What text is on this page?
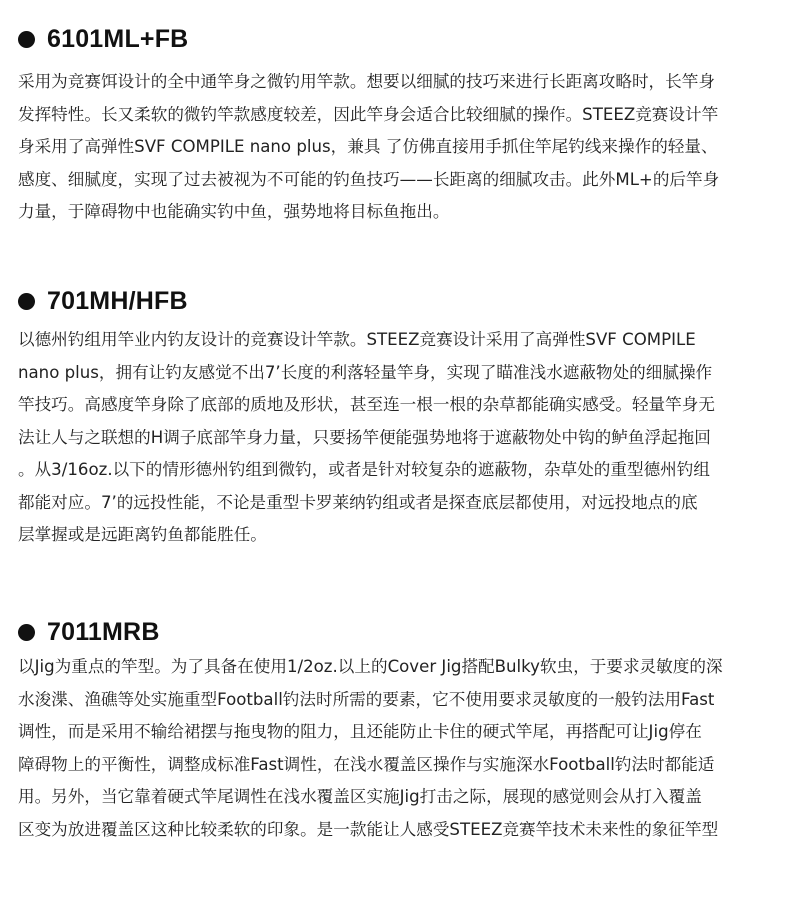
6101ML+FB
采用为竞赛饵设计的全中通竿身之微钓用竿款。想要以细腻的技巧来进行长距离攻略时，长竿身
发挥特性。长又柔软的微钓竿款感度较差，因此竿身会适合比较细腻的操作。STEEZ竞赛设计竿
身采用了高弹性SVF COMPILE nano plus，兼具 了仿佛直接用手抓住竿尾钓线来操作的轻量、
感度、细腻度，实现了过去被视为不可能的钓鱼技巧——长距离的细腻攻击。此外ML+的后竿身
力量，于障碍物中也能确实钓中鱼，强势地将目标鱼拖出。
701MH/HFB
以德州钓组用竿业内钓友设计的竞赛设计竿款。STEEZ竞赛设计采用了高弹性SVF COMPILE
nano plus，拥有让钓友感觉不出7’长度的利落轻量竿身，实现了瞄准浅水遮蔽物处的细腻操作
竿技巧。高感度竿身除了底部的质地及形状，甚至连一根一根的杂草都能确实感受。轻量竿身无
法让人与之联想的H调子底部竿身力量，只要扬竿便能强势地将于遮蔽物处中钩的鲈鱼浮起拖回
。从3/16oz.以下的情形德州钓组到微钓，或者是针对较复杂的遮蔽物，杂草处的重型德州钓组
都能对应。7’的远投性能，不论是重型卡罗莱纳钓组或者是探查底层都使用，对远投地点的底
层掌握或是远距离钓鱼都能胜任。
7011MRB
以Jig为重点的竿型。为了具备在使用1/2oz.以上的Cover Jig搭配Bulky软虫，于要求灵敏度的深
水浚渫、渔礁等处实施重型Football钓法时所需的要素，它不使用要求灵敏度的一般钓法用Fast
调性，而是采用不输给裙摆与拖曳物的阻力，且还能防止卡住的硬式竿尾，再搭配可让Jig停在
障碍物上的平衡性，调整成标准Fast调性，在浅水覆盖区操作与实施深水Football钓法时都能适
用。另外，当它靠着硬式竿尾调性在浅水覆盖区实施Jig打击之际，展现的感觉则会从打入覆盖
区变为放进覆盖区这种比较柔软的印象。是一款能让人感受STEEZ竞赛竿技术未来性的象征竿型
